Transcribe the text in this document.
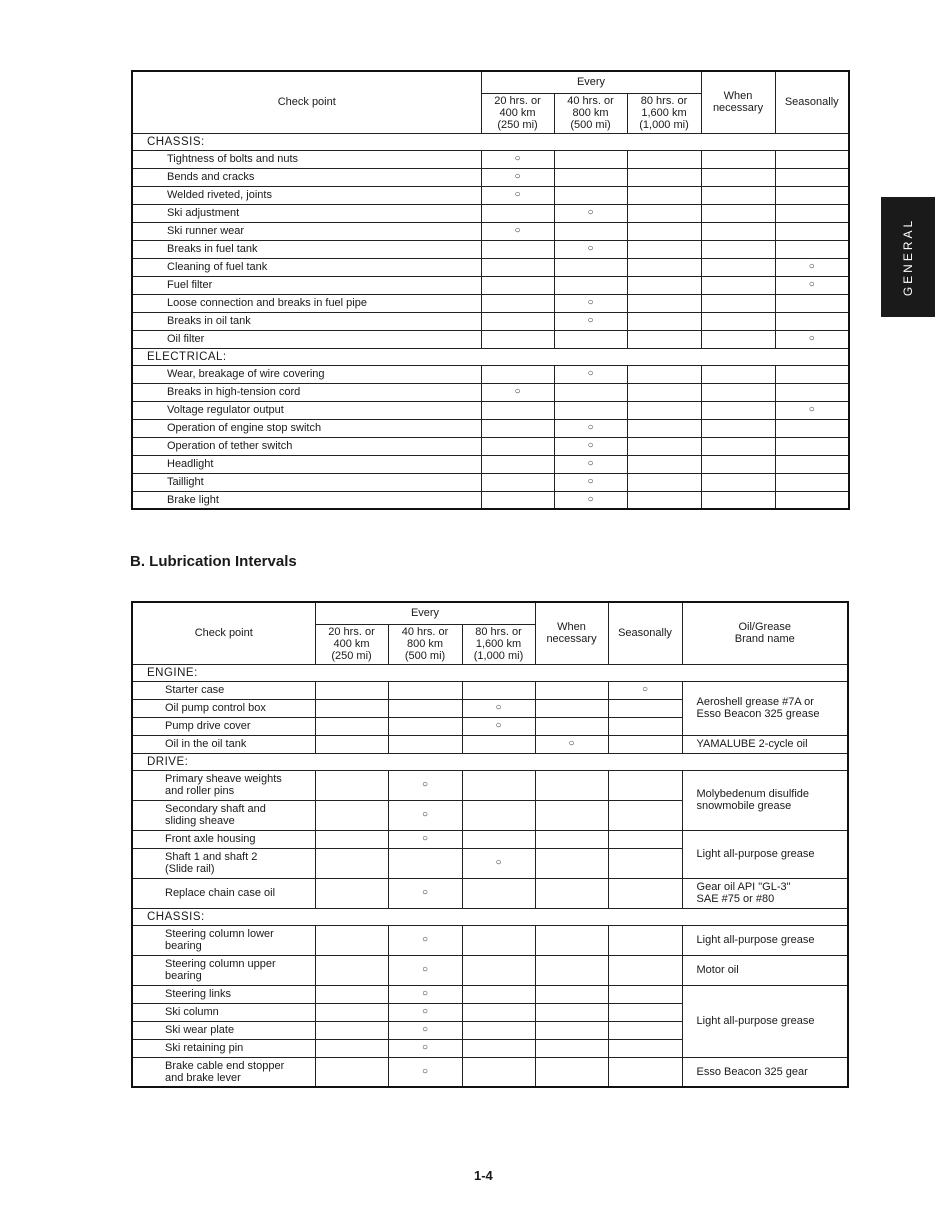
GENERAL
Check point	Every			When
necessary	Seasonally
	20 hrs. or
400 km
(250 mi)	40 hrs. or
800 km
(500 mi)	80 hrs. or
1,600 km
(1,000 mi)		
CHASSIS:					
Tightness of bolts and nuts	○				
Bends and cracks	○				
Welded riveted, joints	○				
Ski adjustment		○			
Ski runner wear	○				
Breaks in fuel tank		○			
Cleaning of fuel tank					○
Fuel filter					○
Loose connection and breaks in fuel pipe		○			
Breaks in oil tank		○			
Oil filter					○
ELECTRICAL:					
Wear, breakage of wire covering		○			
Breaks in high-tension cord	○				
Voltage regulator output					○
Operation of engine stop switch		○			
Operation of tether switch		○			
Headlight		○			
Taillight		○			
Brake light		○			
B. Lubrication Intervals
Check point	Every			When
necessary	Seasonally	Oil/Grease
Brand name
	20 hrs. or
400 km
(250 mi)	40 hrs. or
800 km
(500 mi)	80 hrs. or
1,600 km
(1,000 mi)			
ENGINE:						
Starter case					○	Aeroshell grease #7A or
Esso Beacon 325 grease
Oil pump control box			○			
Pump drive cover			○			
Oil in the oil tank				○		YAMALUBE 2-cycle oil
DRIVE:						
Primary sheave weights
and roller pins		○				Molybedenum disulfide
snowmobile grease
Secondary shaft and
sliding sheave		○				
Front axle housing		○				Light all-purpose grease
Shaft 1 and shaft 2
(Slide rail)			○			
Replace chain case oil		○				Gear oil API "GL-3"
SAE #75 or #80
CHASSIS:						
Steering column lower
bearing		○				Light all-purpose grease
Steering column upper
bearing		○				Motor oil
Steering links		○				Light all-purpose grease
Ski column		○				
Ski wear plate		○				
Ski retaining pin		○				
Brake cable end stopper
and brake lever		○				Esso Beacon 325 gear
1-4
